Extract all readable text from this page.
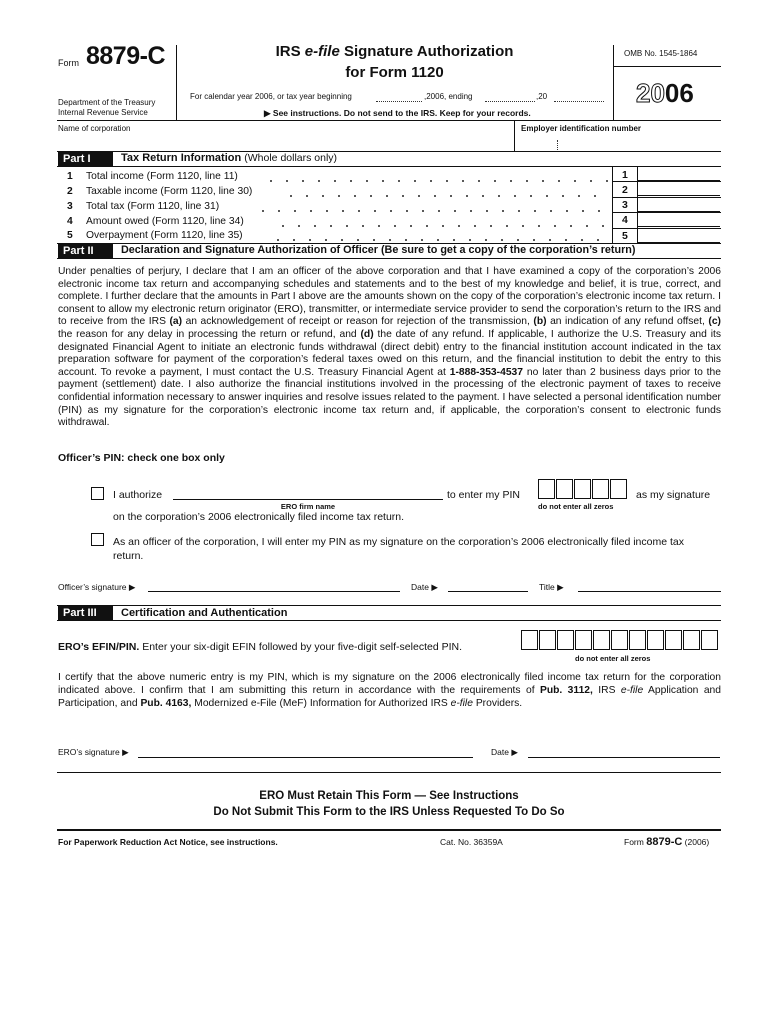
Form 8879-C
Department of the Treasury
Internal Revenue Service
IRS e-file Signature Authorization
for Form 1120
For calendar year 2006, or tax year beginning	,2006, ending	,20
▶ See instructions. Do not send to the IRS. Keep for your records.
OMB No. 1545-1864
2006
Name of corporation	Employer identification number
Part I	Tax Return Information (Whole dollars only)
1 Total income (Form 1120, line 11)	1
2 Taxable income (Form 1120, line 30)	2
3 Total tax (Form 1120, line 31)	3
4 Amount owed (Form 1120, line 34)	4
5 Overpayment (Form 1120, line 35)	5
Part II	Declaration and Signature Authorization of Officer (Be sure to get a copy of the corporation’s return)
Under penalties of perjury, I declare that I am an officer of the above corporation and that I have examined a copy of the corporation’s 2006 electronic income tax return and accompanying schedules and statements and to the best of my knowledge and belief, it is true, correct, and complete. I further declare that the amounts in Part I above are the amounts shown on the copy of the corporation’s electronic income tax return. I consent to allow my electronic return originator (ERO), transmitter, or intermediate service provider to send the corporation’s return to the IRS and to receive from the IRS (a) an acknowledgement of receipt or reason for rejection of the transmission, (b) an indication of any refund offset, (c) the reason for any delay in processing the return or refund, and (d) the date of any refund. If applicable, I authorize the U.S. Treasury and its designated Financial Agent to initiate an electronic funds withdrawal (direct debit) entry to the financial institution account indicated in the tax preparation software for payment of the corporation’s federal taxes owed on this return, and the financial institution to debit the entry to this account. To revoke a payment, I must contact the U.S. Treasury Financial Agent at 1-888-353-4537 no later than 2 business days prior to the payment (settlement) date. I also authorize the financial institutions involved in the processing of the electronic payment of taxes to receive confidential information necessary to answer inquiries and resolve issues related to the payment. I have selected a personal identification number (PIN) as my signature for the corporation’s electronic income tax return and, if applicable, the corporation’s consent to electronic funds withdrawal.
Officer’s PIN: check one box only
I authorize
ERO firm name
to enter my PIN
do not enter all zeros
as my signature
on the corporation’s 2006 electronically filed income tax return.
As an officer of the corporation, I will enter my PIN as my signature on the corporation’s 2006 electronically filed income tax return.
Officer’s signature ▶	Date ▶	Title ▶
Part III	Certification and Authentication
ERO’s EFIN/PIN. Enter your six-digit EFIN followed by your five-digit self-selected PIN.
do not enter all zeros
I certify that the above numeric entry is my PIN, which is my signature on the 2006 electronically filed income tax return for the corporation indicated above. I confirm that I am submitting this return in accordance with the requirements of Pub. 3112, IRS e-file Application and Participation, and Pub. 4163, Modernized e-File (MeF) Information for Authorized IRS e-file Providers.
ERO’s signature ▶	Date ▶
ERO Must Retain This Form — See Instructions
Do Not Submit This Form to the IRS Unless Requested To Do So
For Paperwork Reduction Act Notice, see instructions.	Cat. No. 36359A	Form 8879-C (2006)
